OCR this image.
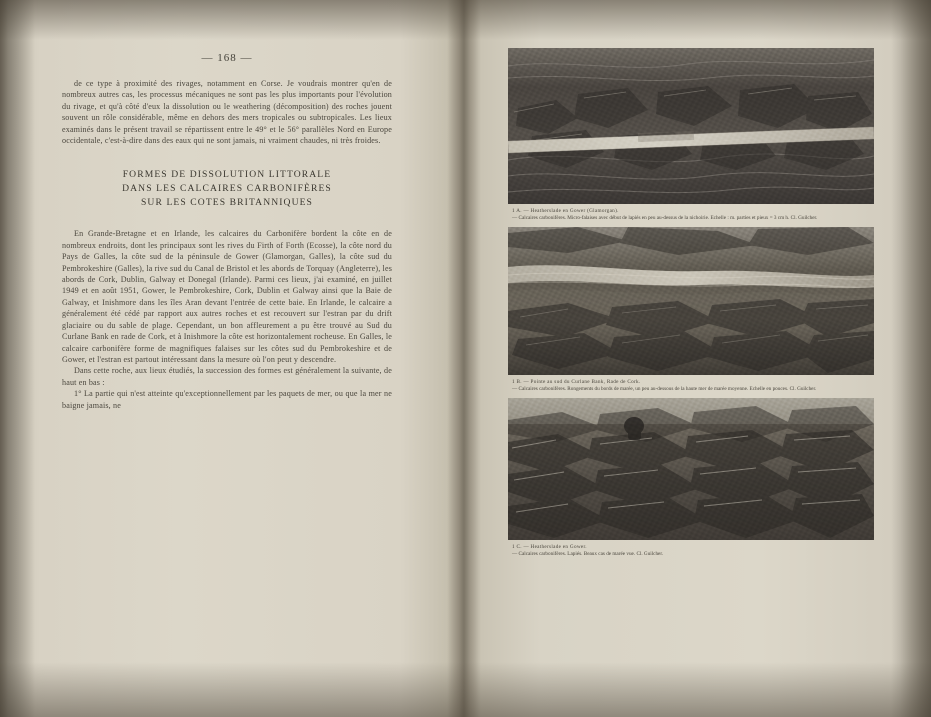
— 168 —

de ce type à proximité des rivages, notamment en Corse. Je voudrais montrer qu'en de nombreux autres cas, les processus mécaniques ne sont pas les plus importants pour l'évolution du rivage, et qu'à côté d'eux la dissolution ou le weathering (décomposition) des roches jouent souvent un rôle considérable, même en dehors des mers tropicales ou subtropicales. Les lieux examinés dans le présent travail se répartissent entre le 49° et le 56° parallèles Nord en Europe occidentale, c'est-à-dire dans des eaux qui ne sont jamais, ni vraiment chaudes, ni très froides.

FORMES DE DISSOLUTION LITTORALE
DANS LES CALCAIRES CARBONIFÈRES
SUR LES COTES BRITANNIQUES

En Grande-Bretagne et en Irlande, les calcaires du Carbonifère bordent la côte en de nombreux endroits, dont les principaux sont les rives du Firth of Forth (Ecosse), la côte nord du Pays de Galles, la côte sud de la péninsule de Gower (Glamorgan, Galles), la côte sud du Pembrokeshire (Galles), la rive sud du Canal de Bristol et les abords de Torquay (Angleterre), les abords de Cork, Dublin, Galway et Donegal (Irlande). Parmi ces lieux, j'ai examiné, en juillet 1949 et en août 1951, Gower, le Pembrokeshire, Cork, Dublin et Galway ainsi que la Baie de Galway, et Inishmore dans les îles Aran devant l'entrée de cette baie. En Irlande, le calcaire a généralement été cédé par rapport aux autres roches et est recouvert sur l'estran par du drift glaciaire ou du sable de plage. Cependant, un bon affleurement a pu être trouvé au Sud du Curlane Bank en rade de Cork, et à Inishmore la côte est horizontalement rocheuse. En Galles, le calcaire carbonifère forme de magnifiques falaises sur les côtes sud du Pembrokeshire et de Gower, et l'estran est partout intéressant dans la mesure où l'on peut y descendre.

Dans cette roche, aux lieux étudiés, la succession des formes est généralement la suivante, de haut en bas :

1° La partie qui n'est atteinte qu'exceptionnellement par les paquets de mer, ou que la mer ne baigne jamais, ne

1 A. — Heatherslade en Gower (Glamorgan).
— Calcaires carbonifères. Micro-falaises avec début de lapiés en peu au-dessus de la nichoirie. Echelle : m. parties et pieux = 3 cm h. Cl. Guilcher.
1 B. — Pointe au sud du Curlane Bank, Rade de Cork.
— Calcaires carbonifères. Rongements du bords de marée, un peu au-dessous de la haute mer de marée moyenne. Echelle en pouces. Cl. Guilcher.
1 C. — Heatherslade en Gower.
— Calcaires carbonifères. Lapiés. Beaux cas de marée vue. Cl. Guilcher.
